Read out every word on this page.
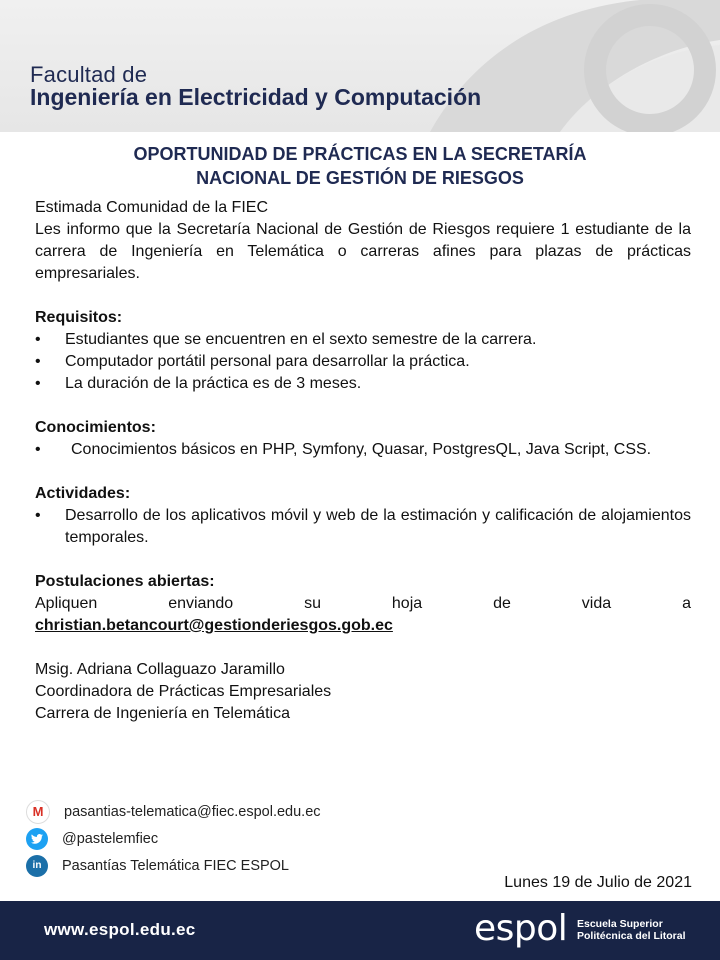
Facultad de
Ingeniería en Electricidad y Computación
OPORTUNIDAD DE PRÁCTICAS EN LA SECRETARÍA
NACIONAL DE GESTIÓN DE RIESGOS

Estimada Comunidad de la FIEC

Les informo que la Secretaría Nacional de Gestión de Riesgos requiere 1 estudiante de la carrera de Ingeniería en Telemática o carreras afines para plazas de prácticas empresariales.

Requisitos:

• Estudiantes que se encuentren en el sexto semestre de la carrera.
• Computador portátil personal para desarrollar la práctica.
• La duración de la práctica es de 3 meses.

Conocimientos:

• Conocimientos básicos en PHP, Symfony, Quasar, PostgresQL, Java Script, CSS.

Actividades:

• Desarrollo de los aplicativos móvil y web de la estimación y calificación de alojamientos temporales.

Postulaciones abiertas:

Apliquen	enviando	su	hoja	de	vida	a
christian.betancourt@gestionderiesgos.gob.ec

Msig. Adriana Collaguazo Jaramillo

Coordinadora de Prácticas Empresariales

Carrera de Ingeniería en Telemática

M	pasantias-telematica@fiec.espol.edu.ec
@pastelemfiec
in	Pasantías Telemática FIEC ESPOL
Lunes 19 de Julio de 2021
www.espol.edu.ec	espol Escuela Superior
Politécnica del Litoral
